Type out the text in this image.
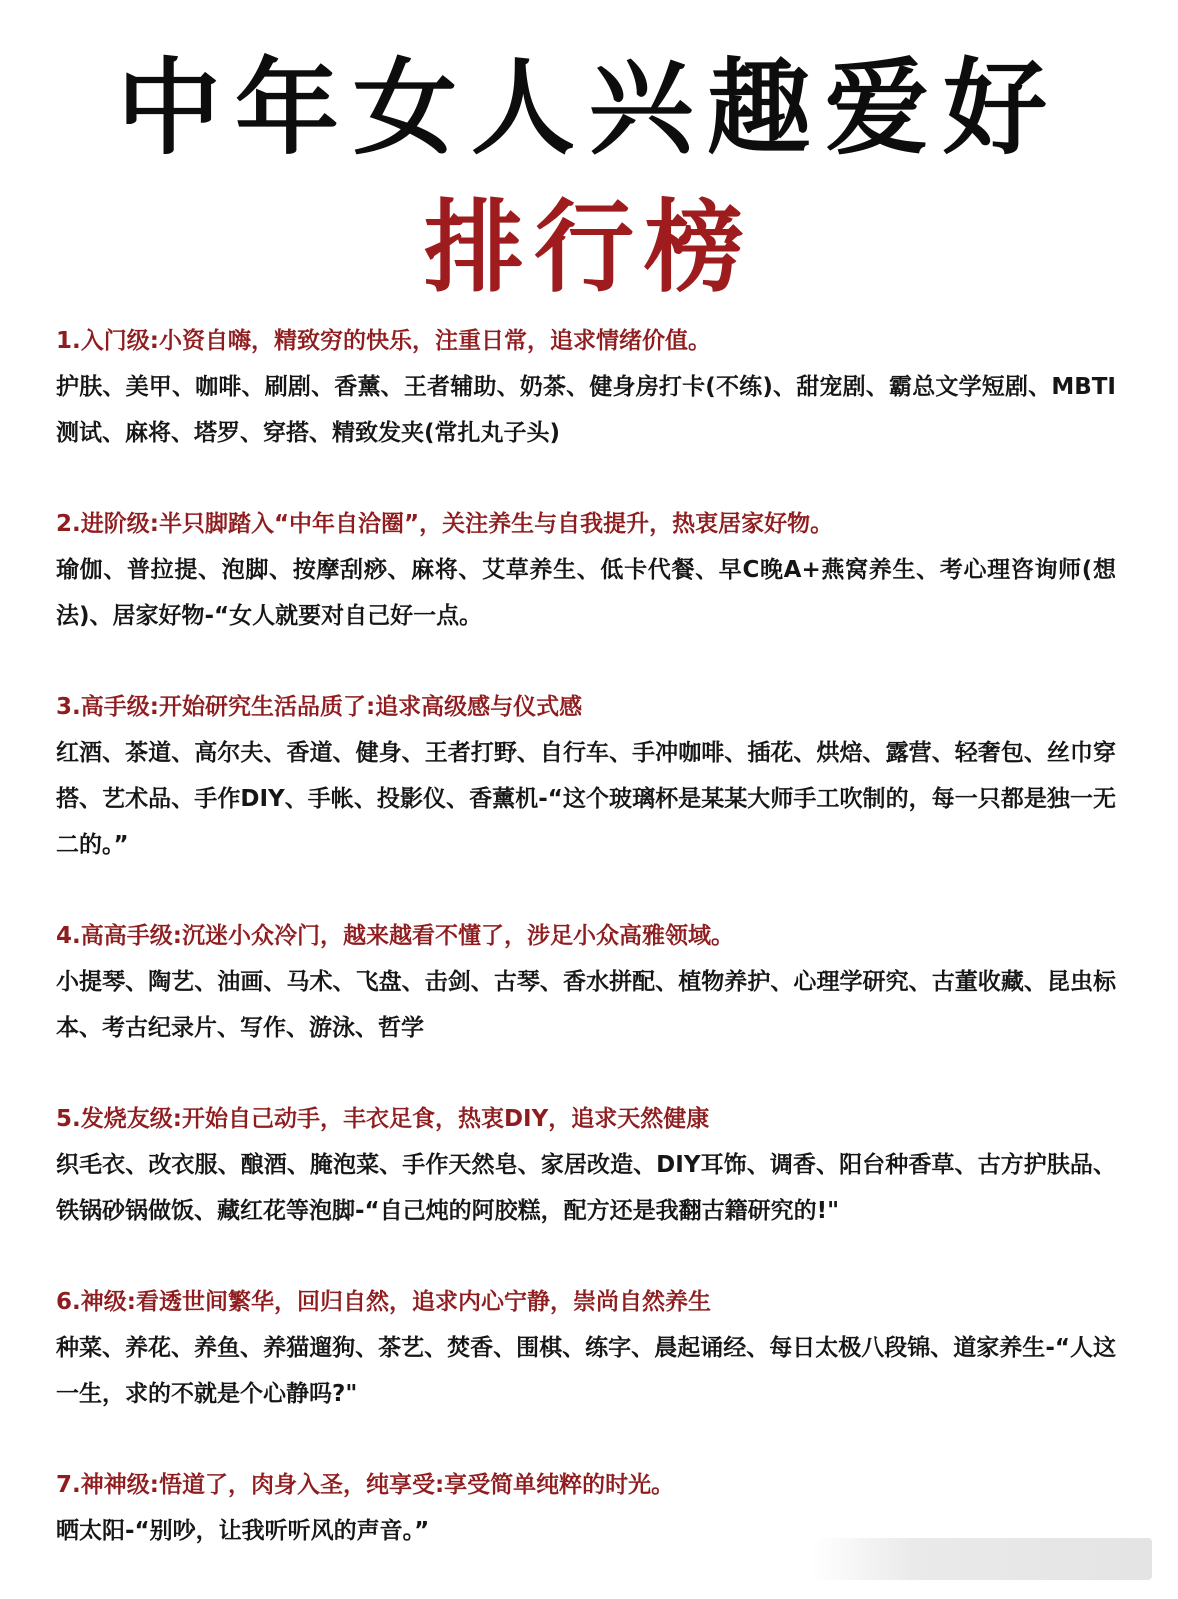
中年女人兴趣爱好
排行榜
1.入门级:小资自嗨，精致穷的快乐，注重日常，追求情绪价值。
护肤、美甲、咖啡、刷剧、香薰、王者辅助、奶茶、健身房打卡(不练)、甜宠剧、霸总文学短剧、MBTI测试、麻将、塔罗、穿搭、精致发夹(常扎丸子头)
2.进阶级:半只脚踏入“中年自洽圈”，关注养生与自我提升，热衷居家好物。
瑜伽、普拉提、泡脚、按摩刮痧、麻将、艾草养生、低卡代餐、早C晚A+燕窝养生、考心理咨询师(想法)、居家好物-“女人就要对自己好一点。
3.高手级:开始研究生活品质了:追求高级感与仪式感
红酒、茶道、高尔夫、香道、健身、王者打野、自行车、手冲咖啡、插花、烘焙、露营、轻奢包、丝巾穿搭、艺术品、手作DIY、手帐、投影仪、香薰机-“这个玻璃杯是某某大师手工吹制的，每一只都是独一无二的。”
4.高高手级:沉迷小众冷门，越来越看不懂了，涉足小众高雅领域。
小提琴、陶艺、油画、马术、飞盘、击剑、古琴、香水拼配、植物养护、心理学研究、古董收藏、昆虫标本、考古纪录片、写作、游泳、哲学
5.发烧友级:开始自己动手，丰衣足食，热衷DIY，追求天然健康
织毛衣、改衣服、酿酒、腌泡菜、手作天然皂、家居改造、DIY耳饰、调香、阳台种香草、古方护肤品、铁锅砂锅做饭、藏红花等泡脚-“自己炖的阿胶糕，配方还是我翻古籍研究的!"
6.神级:看透世间繁华，回归自然，追求内心宁静，崇尚自然养生
种菜、养花、养鱼、养猫遛狗、茶艺、焚香、围棋、练字、晨起诵经、每日太极八段锦、道家养生-“人这一生，求的不就是个心静吗?"
7.神神级:悟道了，肉身入圣，纯享受:享受简单纯粹的时光。
晒太阳-“别吵，让我听听风的声音。”
